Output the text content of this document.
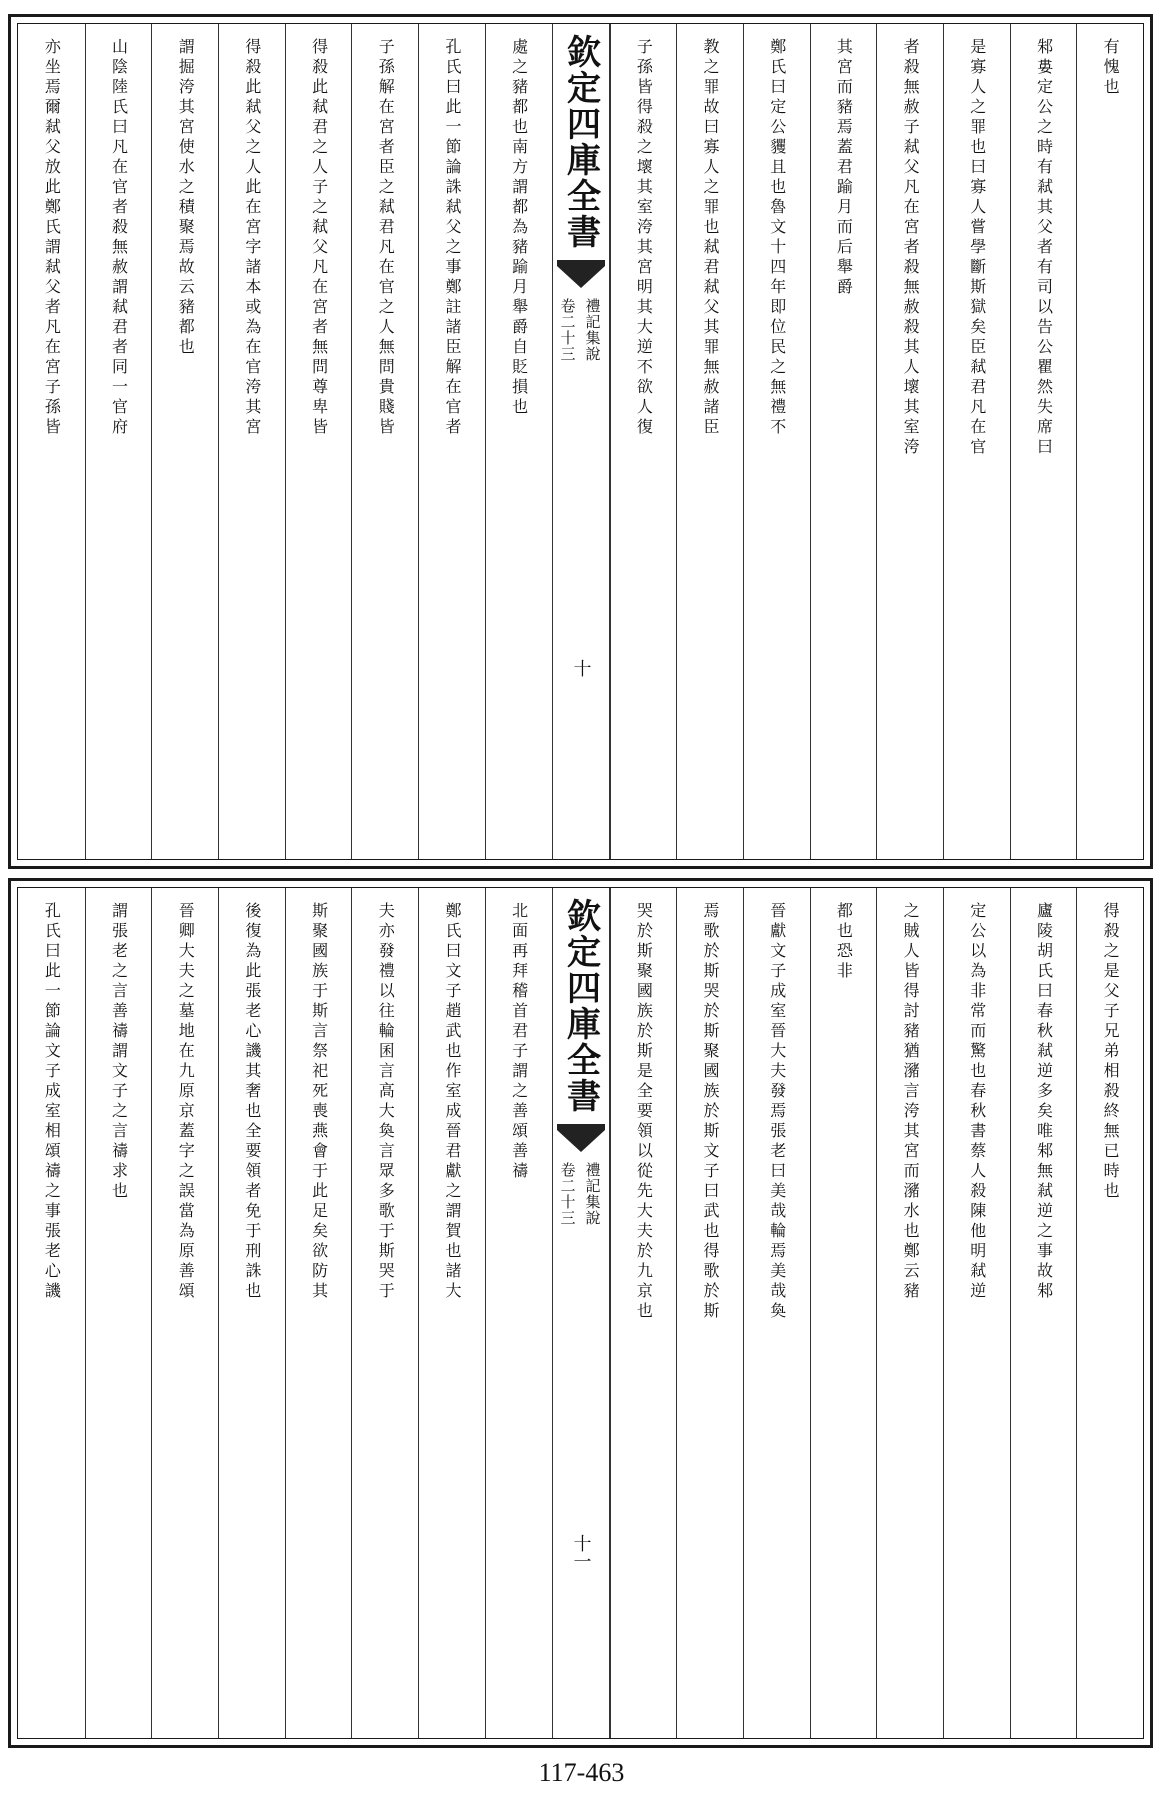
有愧也
邾婁定公之時有弒其父者有司以告公瞿然失席曰
是寡人之罪也曰寡人嘗學斷斯獄矣臣弒君凡在官
者殺無赦子弒父凡在宮者殺無赦殺其人壞其室洿
其宮而豬焉蓋君踰月而后舉爵
鄭氏曰定公貜且也魯文十四年即位民之無禮不
教之罪故曰寡人之罪也弒君弒父其罪無赦諸臣
子孫皆得殺之壞其室洿其宮明其大逆不欲人復
欽定四庫全書
禮記集說
卷二十三
十
處之豬都也南方謂都為豬踰月舉爵自貶損也
孔氏曰此一節論誅弒父之事鄭註諸臣解在官者
子孫解在宮者臣之弒君凡在官之人無問貴賤皆
得殺此弒君之人子之弒父凡在宮者無問尊卑皆
得殺此弒父之人此在宮字諸本或為在官洿其宮
謂掘洿其宮使水之積聚焉故云豬都也
山陰陸氏曰凡在官者殺無赦謂弒君者同一官府
亦坐焉爾弒父放此鄭氏謂弒父者凡在宮子孫皆
得殺之是父子兄弟相殺終無已時也
廬陵胡氏曰春秋弒逆多矣唯邾無弒逆之事故邾
定公以為非常而驚也春秋書蔡人殺陳他明弒逆
之賊人皆得討豬猶瀦言洿其宮而瀦水也鄭云豬
都也恐非
晉獻文子成室晉大夫發焉張老曰美哉輪焉美哉奐
焉歌於斯哭於斯聚國族於斯文子曰武也得歌於斯
哭於斯聚國族於斯是全要領以從先大夫於九京也
欽定四庫全書
禮記集說
卷二十三
十一
北面再拜稽首君子謂之善頌善禱
鄭氏曰文子趙武也作室成晉君獻之謂賀也諸大
夫亦發禮以往輪囷言高大奐言眾多歌于斯哭于
斯聚國族于斯言祭祀死喪燕會于此足矣欲防其
後復為此張老心譏其奢也全要領者免于刑誅也
晉卿大夫之墓地在九原京蓋字之誤當為原善頌
謂張老之言善禱謂文子之言禱求也
孔氏曰此一節論文子成室相頌禱之事張老心譏
117-463
